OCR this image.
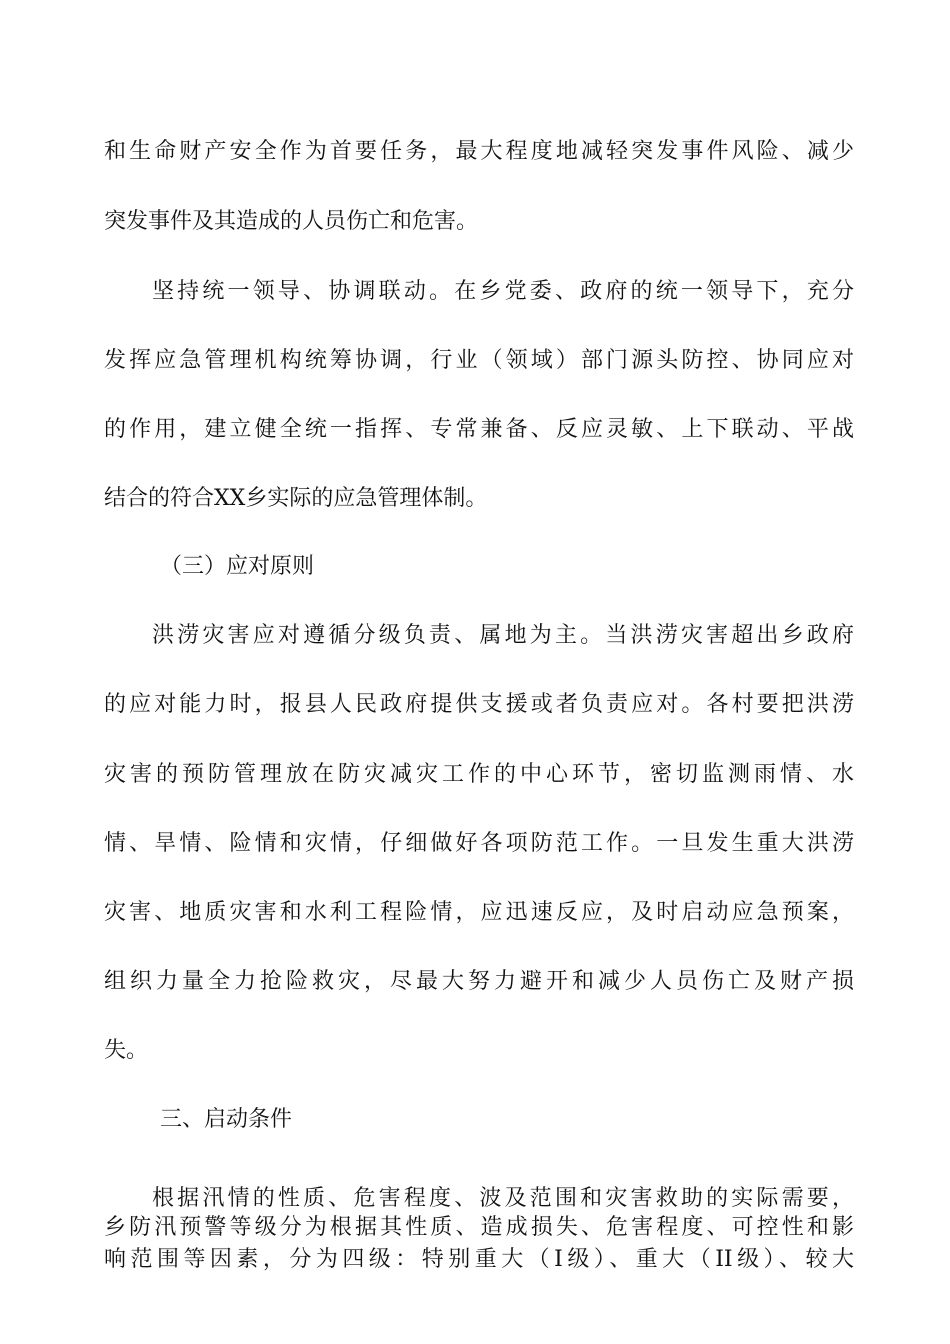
和生命财产安全作为首要任务，最大程度地减轻突发事件风险、减少
突发事件及其造成的人员伤亡和危害。
坚持统一领导、协调联动。在乡党委、政府的统一领导下，充分
发挥应急管理机构统筹协调，行业（领域）部门源头防控、协同应对
的作用，建立健全统一指挥、专常兼备、反应灵敏、上下联动、平战
结合的符合XX乡实际的应急管理体制。
（三）应对原则
洪涝灾害应对遵循分级负责、属地为主。当洪涝灾害超出乡政府
的应对能力时，报县人民政府提供支援或者负责应对。各村要把洪涝
灾害的预防管理放在防灾减灾工作的中心环节，密切监测雨情、水
情、旱情、险情和灾情，仔细做好各项防范工作。一旦发生重大洪涝
灾害、地质灾害和水利工程险情，应迅速反应，及时启动应急预案，
组织力量全力抢险救灾，尽最大努力避开和减少人员伤亡及财产损
失。
三、启动条件
根据汛情的性质、危害程度、波及范围和灾害救助的实际需要，
乡防汛预警等级分为根据其性质、造成损失、危害程度、可控性和影
响范围等因素，分为四级：特别重大（I级）、重大（II级）、较大
